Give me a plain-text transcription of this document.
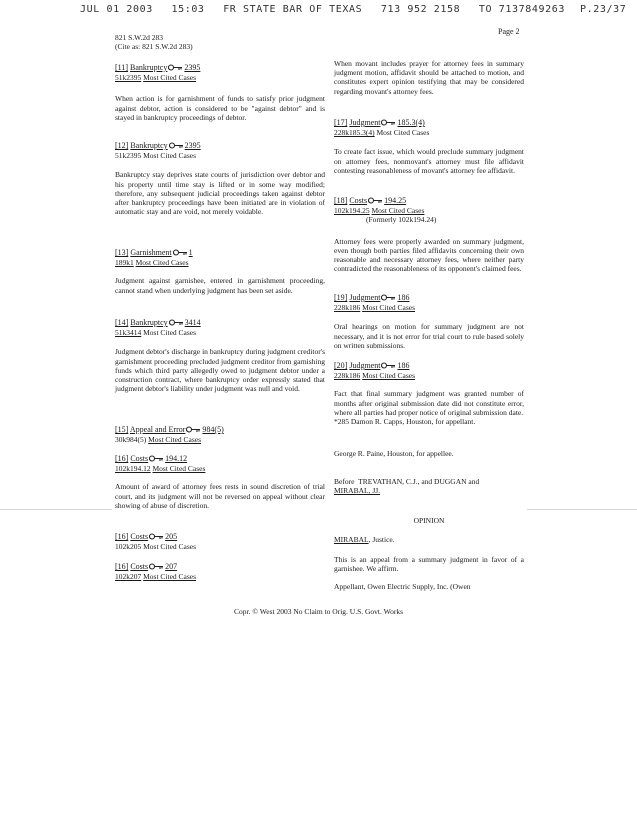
JUL 01 2003 15:03 FR STATE BAR OF TEXAS 713 952 2158 TO 7137849263 P.23/37
Page 2
821 S.W.2d 283
(Cite as: 821 S.W.2d 283)
[11] Bankruptcy 2395
51k2395 Most Cited Cases
When action is for garnishment of funds to satisfy prior judgment against debtor, action is considered to be "against debtor" and is stayed in bankruptcy proceedings of debtor.
[12] Bankruptcy 2395
51k2395 Most Cited Cases
Bankruptcy stay deprives state courts of jurisdiction over debtor and his property until time stay is lifted or in some way modified; therefore, any subsequent judicial proceedings taken against debtor after bankruptcy proceedings have been initiated are in violation of automatic stay and are void, not merely voidable.
[13] Garnishment 1
189k1 Most Cited Cases
Judgment against garnishee, entered in garnishment proceeding, cannot stand when underlying judgment has been set aside.
[14] Bankruptcy 3414
51k3414 Most Cited Cases
Judgment debtor's discharge in bankruptcy during judgment creditor's garnishment proceeding precluded judgment creditor from garnishing funds which third party allegedly owed to judgment debtor under a construction contract, where bankruptcy order expressly stated that judgment debtor's liability under judgment was null and void.
[15] Appeal and Error 984(5)
30k984(5) Most Cited Cases
[16] Costs 194.12
102k194.12 Most Cited Cases
Amount of award of attorney fees rests in sound discretion of trial court, and its judgment will not be reversed on appeal without clear showing of abuse of discretion.
[16] Costs 205
102k205 Most Cited Cases
[16] Costs 207
102k207 Most Cited Cases
When movant includes prayer for attorney fees in summary judgment motion, affidavit should be attached to motion, and constitutes expert opinion testifying that may be considered regarding movant's attorney fees.
[17] Judgment 185.3(4)
228k185.3(4) Most Cited Cases
To create fact issue, which would preclude summary judgment on attorney fees, nonmovant's attorney must file affidavit contesting reasonableness of movant's attorney fee affidavit.
[18] Costs 194.25
102k194.25 Most Cited Cases
(Formerly 102k194.24)
Attorney fees were properly awarded on summary judgment, even though both parties filed affidavits concerning their own reasonable and necessary attorney fees, where neither party contradicted the reasonableness of its opponent's claimed fees.
[19] Judgment 186
228k186 Most Cited Cases
Oral hearings on motion for summary judgment are not necessary, and it is not error for trial court to rule based solely on written submissions.
[20] Judgment 186
228k186 Most Cited Cases
Fact that final summary judgment was granted number of months after original submission date did not constitute error, where all parties had proper notice of original submission date.
*285 Damon R. Capps, Houston, for appellant.
George R. Paine, Houston, for appellee.
Before TREVATHAN, C.J., and DUGGAN and
MIRABAL, JJ.
OPINION
MIRABAL, Justice.
This is an appeal from a summary judgment in favor of a garnishee. We affirm.
Appellant, Owen Electric Supply, Inc. (Owen
Copr. © West 2003 No Claim to Orig. U.S. Govt. Works
